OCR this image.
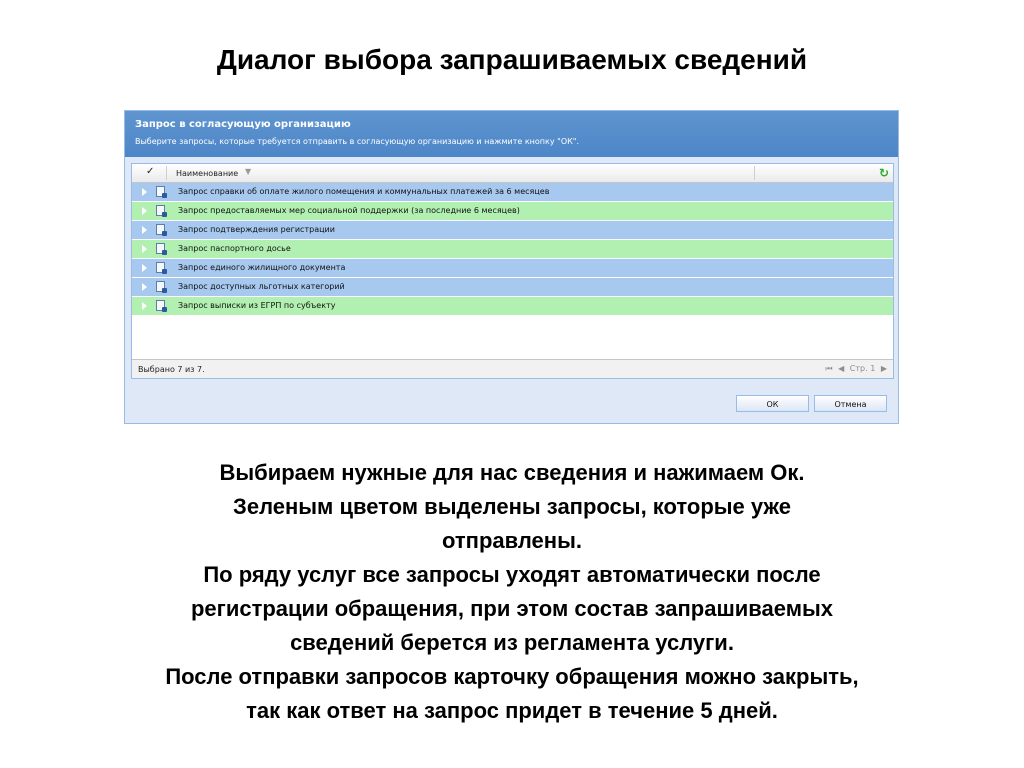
Диалог выбора запрашиваемых сведений
Запрос в согласующую организацию
Выберите запросы, которые требуется отправить в согласующую организацию и нажмите кнопку "ОК".
✓	Наименование ▼	↻
Запрос справки об оплате жилого помещения и коммунальных платежей за 6 месяцев
Запрос предоставляемых мер социальной поддержки (за последние 6 месяцев)
Запрос подтверждения регистрации
Запрос паспортного досье
Запрос единого жилищного документа
Запрос доступных льготных категорий
Запрос выписки из ЕГРП по субъекту
Выбрано 7 из 7.	⏮ ◀ Стр. 1 ▶
ОК	Отмена
Выбираем нужные для нас сведения и нажимаем Ок.
Зеленым цветом выделены запросы, которые уже
отправлены.
По ряду услуг все запросы уходят автоматически после
регистрации обращения, при этом состав запрашиваемых
сведений берется из регламента услуги.
После отправки запросов карточку обращения можно закрыть,
так как ответ на запрос придет в течение 5 дней.
